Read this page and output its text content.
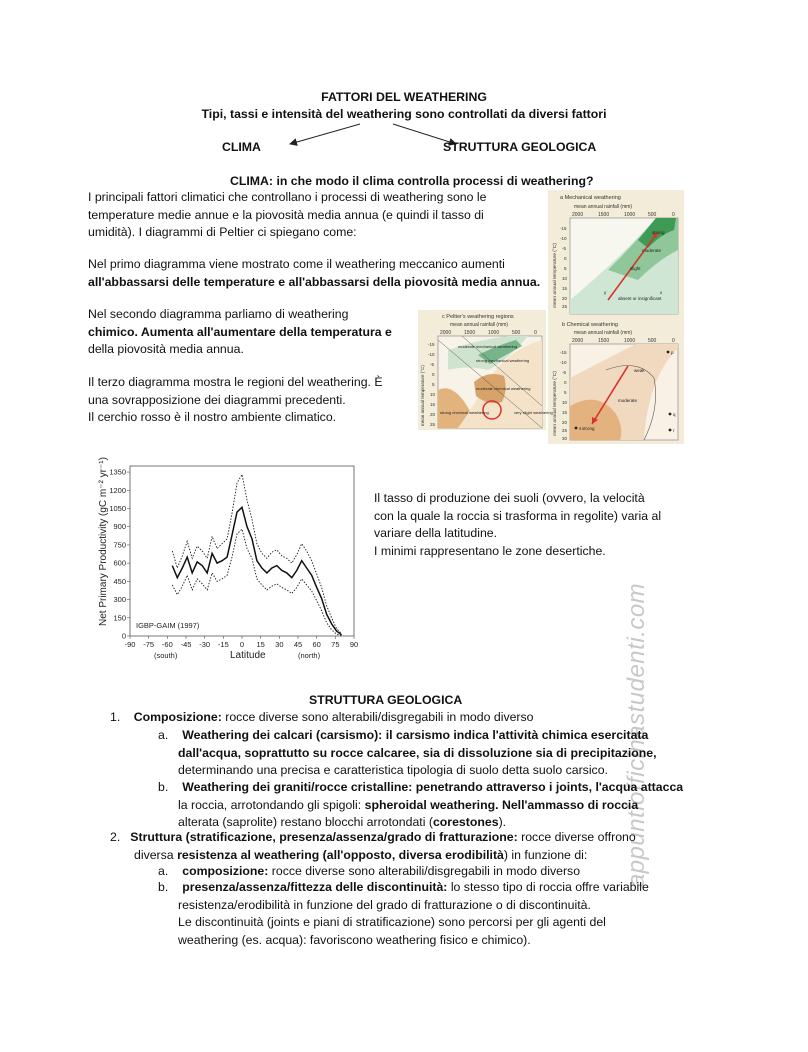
FATTORI DEL WEATHERING
Tipi, tassi e intensità del weathering sono controllati da diversi fattori
CLIMA	STRUTTURA GEOLOGICA
CLIMA: in che modo il clima controlla processi di weathering?
I principali fattori climatici che controllano i processi di weathering sono le
temperature medie annue e la piovosità media annua (e quindi il tasso di
umidità). I diagrammi di Peltier ci spiegano come:
Nel primo diagramma viene mostrato come il weathering meccanico aumenti
all'abbassarsi delle temperature e all'abbassarsi della piovosità media annua.
Nel secondo diagramma parliamo di weathering
chimico. Aumenta all'aumentare della temperatura e
della piovosità media annua.
Il terzo diagramma mostra le regioni del weathering. È
una sovrapposizione dei diagrammi precedenti.
Il cerchio rosso è il nostro ambiente climatico.
a Mechanical weathering
mean annual rainfall (mm)
2000	1500	1000	500	0
strong
moderate
slight
absent or insignificant
y	x
-15
-10
-5
0
5
10
15
20
25
mean annual temperature (°C)
b Chemical weathering
mean annual rainfall (mm)
2000	1500	1000	500	0
weak
moderate
strong
p
q
r
s
-15
-10
-5
0
5
10
15
20
25
30
mean annual temperature (°C)
c Peltier's weathering regions
mean annual rainfall (mm)
2000	1500	1000	500	0
moderate mechanical weathering
strong mechanical weathering
moderate chemical weathering
strong chemical weathering	very slight weathering
-15
-10
-5
0
5
10
15
20
25
mean annual temperature (°C)
-90 -75 -60 -45 -30 -15 0 15 30 45 60 75 90
0
150
300
450
600
750
900
1050
1200
1350
Net Primary Productivity (gC m⁻² yr⁻¹)
Latitude
(south)	(north)
IGBP-GAIM (1997)
Il tasso di produzione dei suoli (ovvero, la velocità
con la quale la roccia si trasforma in regolite) varia al
variare della latitudine.
I minimi rappresentano le zone desertiche.
appuntiofficinastudenti.com
STRUTTURA GEOLOGICA
1. Composizione: rocce diverse sono alterabili/disgregabili in modo diverso
a. Weathering dei calcari (carsismo): il carsismo indica l'attività chimica esercitata
dall'acqua, soprattutto su rocce calcaree, sia di dissoluzione sia di precipitazione,
determinando una precisa e caratteristica tipologia di suolo detta suolo carsico.
b. Weathering dei graniti/rocce cristalline: penetrando attraverso i joints, l'acqua attacca
la roccia, arrotondando gli spigoli: spheroidal weathering. Nell'ammasso di roccia
alterata (saprolite) restano blocchi arrotondati (corestones).
2. Struttura (stratificazione, presenza/assenza/grado di fratturazione: rocce diverse offrono
diversa resistenza al weathering (all'opposto, diversa erodibilità) in funzione di:
a. composizione: rocce diverse sono alterabili/disgregabili in modo diverso
b. presenza/assenza/fittezza delle discontinuità: lo stesso tipo di roccia offre variabile
resistenza/erodibilità in funzione del grado di fratturazione o di discontinuità.
Le discontinuità (joints e piani di stratificazione) sono percorsi per gli agenti del
weathering (es. acqua): favoriscono weathering fisico e chimico).
